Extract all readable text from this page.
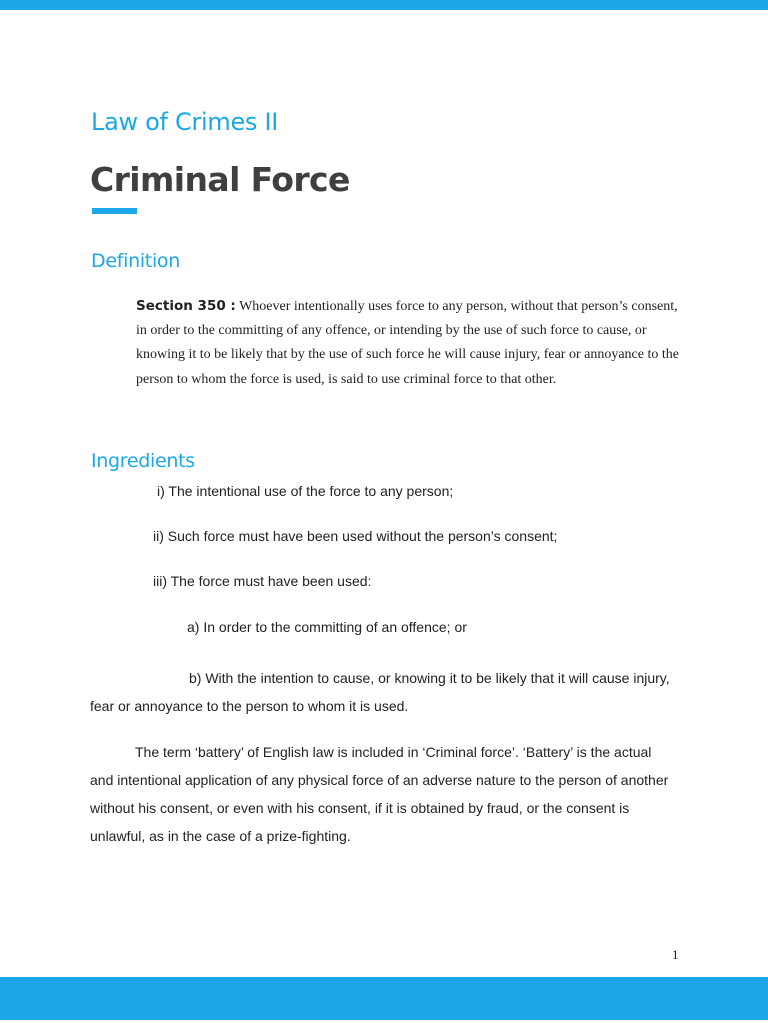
Law of Crimes II
Criminal Force
Definition
Section 350 : Whoever intentionally uses force to any person, without that person’s consent, in order to the committing of any offence, or intending by the use of such force to cause, or knowing it to be likely that by the use of such force he will cause injury, fear or annoyance to the person to whom the force is used, is said to use criminal force to that other.
Ingredients
i) The intentional use of the force to any person;
ii) Such force must have been used without the person’s consent;
iii) The force must have been used:
a) In order to the committing of an offence; or
b) With the intention to cause, or knowing it to be likely that it will cause injury, fear or annoyance to the person to whom it is used.
The term ‘battery’ of English law is included in ‘Criminal force’. ‘Battery’ is the actual and intentional application of any physical force of an adverse nature to the person of another without his consent, or even with his consent, if it is obtained by fraud, or the consent is unlawful, as in the case of a prize-fighting.
1
